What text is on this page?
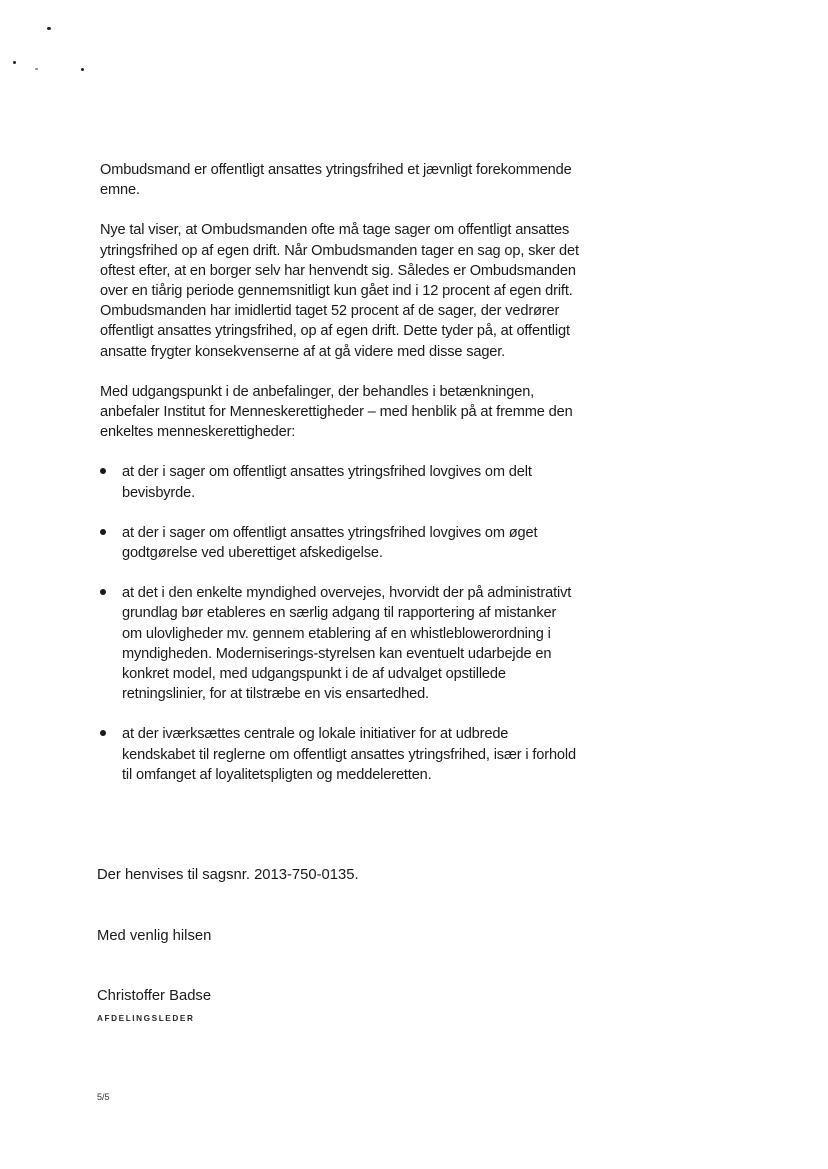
Ombudsmand er offentligt ansattes ytringsfrihed et jævnligt forekommende emne.

Nye tal viser, at Ombudsmanden ofte må tage sager om offentligt ansattes ytringsfrihed op af egen drift. Når Ombudsmanden tager en sag op, sker det oftest efter, at en borger selv har henvendt sig. Således er Ombudsmanden over en tiårig periode gennemsnitligt kun gået ind i 12 procent af egen drift. Ombudsmanden har imidlertid taget 52 procent af de sager, der vedrører offentligt ansattes ytringsfrihed, op af egen drift. Dette tyder på, at offentligt ansatte frygter konsekvenserne af at gå videre med disse sager.

Med udgangspunkt i de anbefalinger, der behandles i betænkningen, anbefaler Institut for Menneskerettigheder – med henblik på at fremme den enkeltes menneskerettigheder:

at der i sager om offentligt ansattes ytringsfrihed lovgives om delt bevisbyrde.
at der i sager om offentligt ansattes ytringsfrihed lovgives om øget godtgørelse ved uberettiget afskedigelse.
at det i den enkelte myndighed overvejes, hvorvidt der på administrativt grundlag bør etableres en særlig adgang til rapportering af mistanker om ulovligheder mv. gennem etablering af en whistleblowerordning i myndigheden. Moderniserings-styrelsen kan eventuelt udarbejde en konkret model, med udgangspunkt i de af udvalget opstillede retningslinier, for at tilstræbe en vis ensartedhed.
at der iværksættes centrale og lokale initiativer for at udbrede kendskabet til reglerne om offentligt ansattes ytringsfrihed, især i forhold til omfanget af loyalitetspligten og meddeleretten.
Der henvises til sagsnr. 2013-750-0135.
Med venlig hilsen
Christoffer Badse
AFDELINGSLEDER
5/5
